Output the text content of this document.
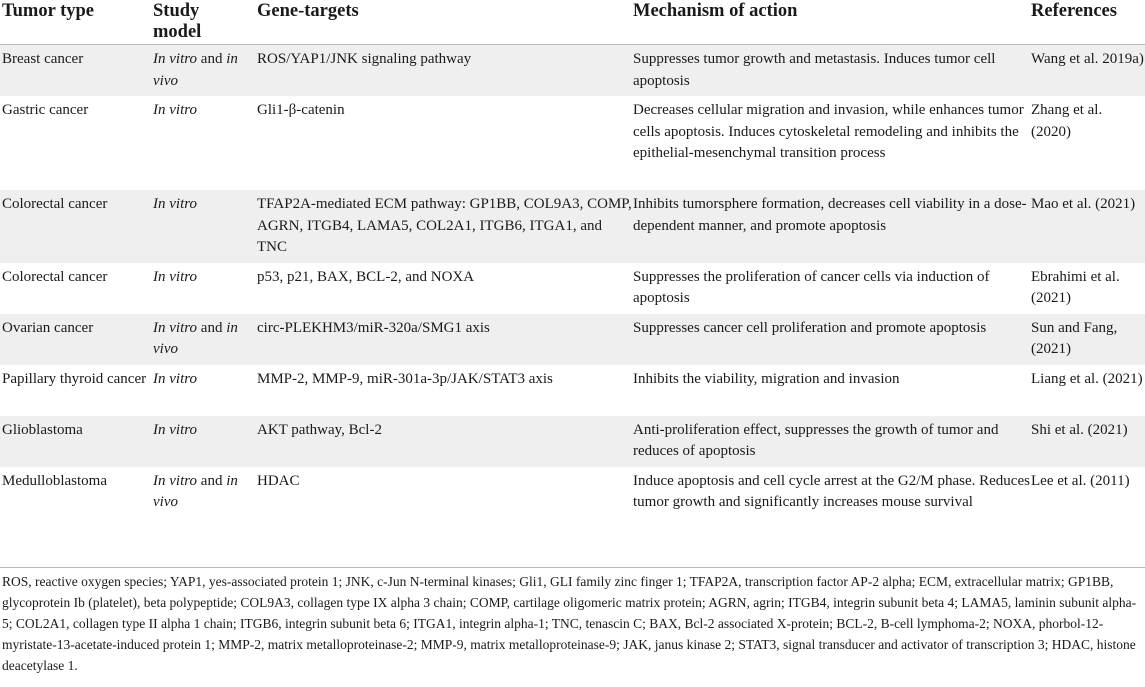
Tumor type	Study model	Gene-targets	Mechanism of action	References

Breast cancer	In vitro and in vivo	ROS/YAP1/JNK signaling pathway	Suppresses tumor growth and metastasis. Induces tumor cell apoptosis	Wang et al. 2019a)

Gastric cancer	In vitro	Gli1-β-catenin	Decreases cellular migration and invasion, while enhances tumor cells apoptosis. Induces cytoskeletal remodeling and inhibits the epithelial-mesenchymal transition process	Zhang et al. (2020)

Colorectal cancer	In vitro	TFAP2A-mediated ECM pathway: GP1BB, COL9A3, COMP, AGRN, ITGB4, LAMA5, COL2A1, ITGB6, ITGA1, and TNC	Inhibits tumorsphere formation, decreases cell viability in a dose-dependent manner, and promote apoptosis	Mao et al. (2021)

Colorectal cancer	In vitro	p53, p21, BAX, BCL-2, and NOXA	Suppresses the proliferation of cancer cells via induction of apoptosis	Ebrahimi et al. (2021)

Ovarian cancer	In vitro and in vivo	circ-PLEKHM3/miR-320a/SMG1 axis	Suppresses cancer cell proliferation and promote apoptosis	Sun and Fang, (2021)

Papillary thyroid cancer	In vitro	MMP-2, MMP-9, miR-301a-3p/JAK/STAT3 axis	Inhibits the viability, migration and invasion	Liang et al. (2021)

Glioblastoma	In vitro	AKT pathway, Bcl-2	Anti-proliferation effect, suppresses the growth of tumor and reduces of apoptosis	Shi et al. (2021)

Medulloblastoma	In vitro and in vivo	HDAC	Induce apoptosis and cell cycle arrest at the G2/M phase. Reduces tumor growth and significantly increases mouse survival	Lee et al. (2011)
ROS, reactive oxygen species; YAP1, yes-associated protein 1; JNK, c-Jun N-terminal kinases; Gli1, GLI family zinc finger 1; TFAP2A, transcription factor AP-2 alpha; ECM, extracellular matrix; GP1BB, glycoprotein Ib (platelet), beta polypeptide; COL9A3, collagen type IX alpha 3 chain; COMP, cartilage oligomeric matrix protein; AGRN, agrin; ITGB4, integrin subunit beta 4; LAMA5, laminin subunit alpha-5; COL2A1, collagen type II alpha 1 chain; ITGB6, integrin subunit beta 6; ITGA1, integrin alpha-1; TNC, tenascin C; BAX, Bcl-2 associated X-protein; BCL-2, B-cell lymphoma-2; NOXA, phorbol-12-myristate-13-acetate-induced protein 1; MMP-2, matrix metalloproteinase-2; MMP-9, matrix metalloproteinase-9; JAK, janus kinase 2; STAT3, signal transducer and activator of transcription 3; HDAC, histone deacetylase 1.
